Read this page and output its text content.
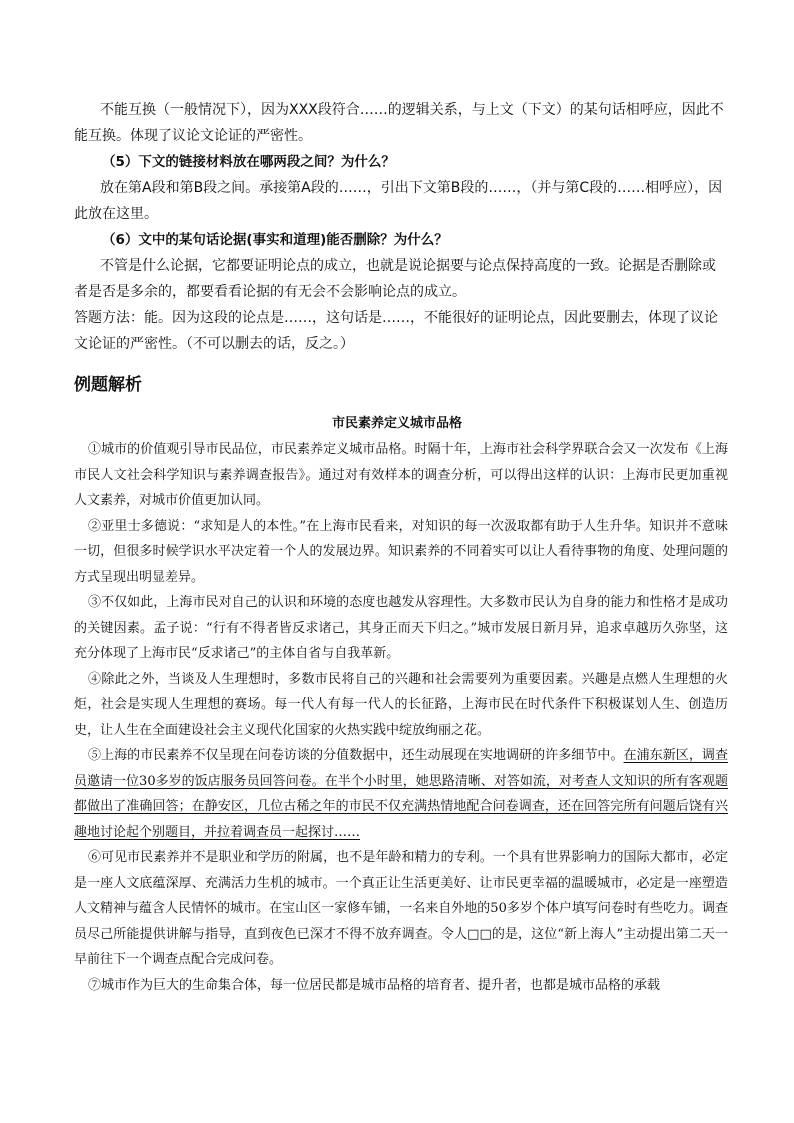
不能互换（一般情况下），因为XXX段符合……的逻辑关系，与上文（下文）的某句话相呼应，因此不能互换。体现了议论文论证的严密性。

（5）下文的链接材料放在哪两段之间？为什么？

放在第A段和第B段之间。承接第A段的……，引出下文第B段的……，（并与第C段的……相呼应），因此放在这里。

（6）文中的某句话论据(事实和道理)能否删除？为什么？

不管是什么论据，它都要证明论点的成立，也就是说论据要与论点保持高度的一致。论据是否删除或者是否是多余的，都要看看论据的有无会不会影响论点的成立。

答题方法：能。因为这段的论点是……，这句话是……，不能很好的证明论点，因此要删去，体现了议论文论证的严密性。（不可以删去的话，反之。）

例题解析
市民素养定义城市品格

①城市的价值观引导市民品位，市民素养定义城市品格。时隔十年，上海市社会科学界联合会又一次发布《上海市民人文社会科学知识与素养调查报告》。通过对有效样本的调查分析，可以得出这样的认识：上海市民更加重视人文素养，对城市价值更加认同。

②亚里士多德说：“求知是人的本性。”在上海市民看来，对知识的每一次汲取都有助于人生升华。知识并不意味一切，但很多时候学识水平决定着一个人的发展边界。知识素养的不同着实可以让人看待事物的角度、处理问题的方式呈现出明显差异。

③不仅如此，上海市民对自己的认识和环境的态度也越发从容理性。大多数市民认为自身的能力和性格才是成功的关键因素。孟子说：“行有不得者皆反求诸己，其身正而天下归之。”城市发展日新月异，追求卓越历久弥坚，这充分体现了上海市民“反求诸己”的主体自省与自我革新。

④除此之外，当谈及人生理想时，多数市民将自己的兴趣和社会需要列为重要因素。兴趣是点燃人生理想的火炬，社会是实现人生理想的赛场。每一代人有每一代人的长征路，上海市民在时代条件下积极谋划人生、创造历史，让人生在全面建设社会主义现代化国家的火热实践中绽放绚丽之花。

⑤上海的市民素养不仅呈现在问卷访谈的分值数据中，还生动展现在实地调研的许多细节中。在浦东新区，调查员邀请一位30多岁的饭店服务员回答问卷。在半个小时里，她思路清晰、对答如流，对考查人文知识的所有客观题都做出了准确回答；在静安区，几位古稀之年的市民不仅充满热情地配合问卷调查，还在回答完所有问题后饶有兴趣地讨论起个别题目，并拉着调查员一起探讨……

⑥可见市民素养并不是职业和学历的附属，也不是年龄和精力的专利。一个具有世界影响力的国际大都市，必定是一座人文底蕴深厚、充满活力生机的城市。一个真正让生活更美好、让市民更幸福的温暖城市，必定是一座塑造人文精神与蕴含人民情怀的城市。在宝山区一家修车铺，一名来自外地的50多岁个体户填写问卷时有些吃力。调查员尽己所能提供讲解与指导，直到夜色已深才不得不放弃调查。令人□□的是，这位“新上海人”主动提出第二天一早前往下一个调查点配合完成问卷。

⑦城市作为巨大的生命集合体，每一位居民都是城市品格的培育者、提升者，也都是城市品格的承载
